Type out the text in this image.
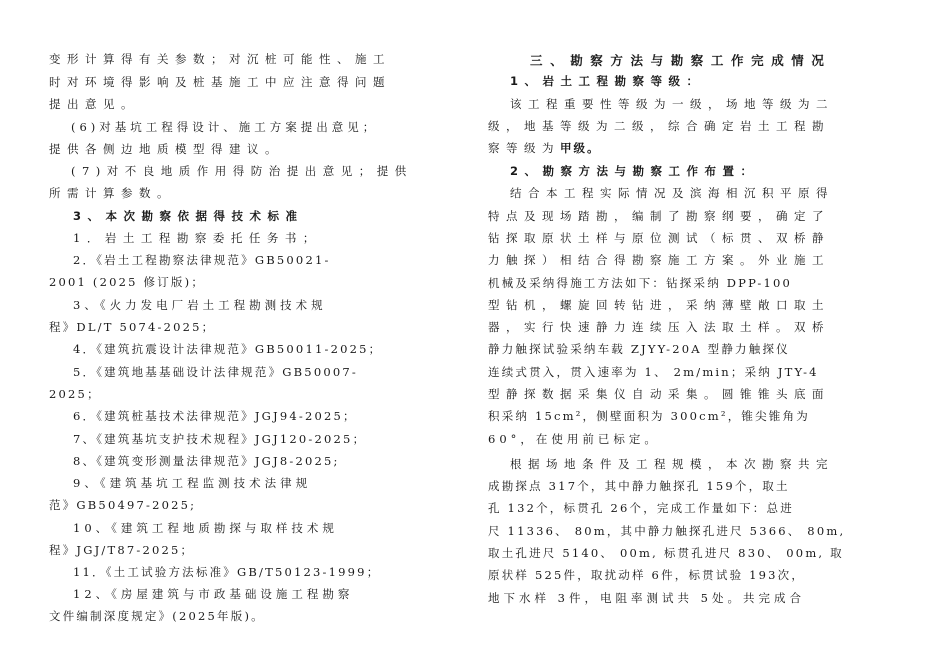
变形计算得有关参数；对沉桩可能性、施工
时对环境得影响及桩基施工中应注意得问题
提出意见。
(6)对基坑工程得设计、施工方案提出意见；
提供各侧边地质模型得建议。
(7)对不良地质作用得防治提出意见；提供
所需计算参数。
3、本次勘察依据得技术标准
1．岩土工程勘察委托任务书；
2．《岩土工程勘察法律规范》GB50021-
2001 (2025 修订版)；
3、《火力发电厂岩土工程勘测技术规
程》DL/T 5074-2025；
4．《建筑抗震设计法律规范》GB50011-2025；
5．《建筑地基基础设计法律规范》GB50007-
2025；
6．《建筑桩基技术法律规范》JGJ94-2025；
7、《建筑基坑支护技术规程》JGJ120-2025；
8、《建筑变形测量法律规范》JGJ8-2025;
9、《建筑基坑工程监测技术法律规
范》GB50497-2025;
10、《建筑工程地质勘探与取样技术规
程》JGJ/T87-2025；
11．《土工试验方法标准》GB/T50123-1999；
12、《房屋建筑与市政基础设施工程勘察
文件编制深度规定》(2025年版)。
三、勘察方法与勘察工作完成情况
1、岩土工程勘察等级：
该工程重要性等级为一级，场地等级为二
级，地基等级为二级，综合确定岩土工程勘
察等级为甲级。
2、勘察方法与勘察工作布置：
结合本工程实际情况及滨海相沉积平原得
特点及现场踏勘，编制了勘察纲要，确定了
钻探取原状土样与原位测试（标贯、双桥静
力触探）相结合得勘察施工方案。外业施工
机械及采纳得施工方法如下：钻探采纳 DPP-100
型钻机，螺旋回转钻进，采纳薄壁敞口取土
器，实行快速静力连续压入法取土样。双桥
静力触探试验采纳车载 ZJYY-20A 型静力触探仪
连续式贯入，贯入速率为 1、 2m/min；采纳 JTY-4
型静探数据采集仪自动采集。圆锥锥头底面
积采纳 15cm²，侧壁面积为 300cm²，锥尖锥角为
60°，在使用前已标定。
根据场地条件及工程规模，本次勘察共完
成勘探点 317个，其中静力触探孔 159个，取土
孔 132个，标贯孔 26个，完成工作量如下：总进
尺 11336、 80m，其中静力触探孔进尺 5366、 80m,
取土孔进尺 5140、 00m, 标贯孔进尺 830、 00m, 取
原状样 525件，取扰动样 6件，标贯试验 193次，
地下水样 3件，电阻率测试共 5处。共完成合
